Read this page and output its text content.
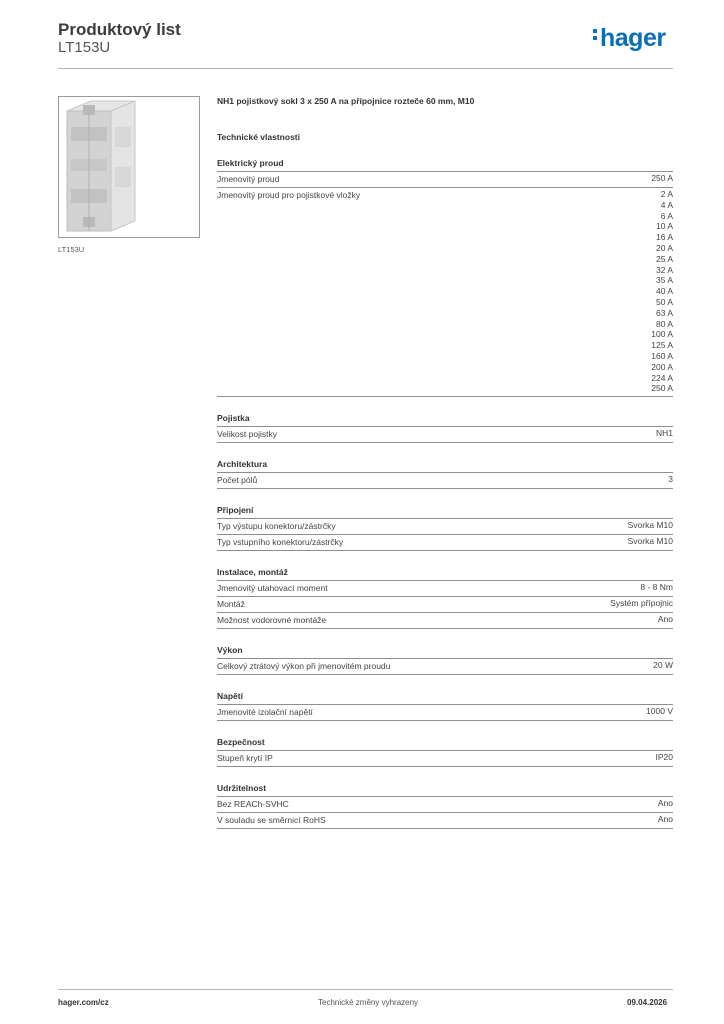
Produktový list
LT153U	hager
LT153U
NH1 pojistkový sokl 3 x 250 A na přípojnice rozteče 60 mm, M10
Technické vlastnosti
Elektrický proud
Jmenovitý proud	250 A
Jmenovitý proud pro pojistkové vložky	2 A
4 A
6 A
10 A
16 A
20 A
25 A
32 A
35 A
40 A
50 A
63 A
80 A
100 A
125 A
160 A
200 A
224 A
250 A
Pojistka
Velikost pojistky	NH1
Architektura
Počet pólů	3
Připojení
Typ výstupu konektoru/zástrčky	Svorka M10
Typ vstupního konektoru/zástrčky	Svorka M10
Instalace, montáž
Jmenovitý utahovací moment	8 - 8 Nm
Montáž	Systém přípojnic
Možnost vodorovné montáže	Ano
Výkon
Celkový ztrátový výkon při jmenovitém proudu	20 W
Napětí
Jmenovité izolační napětí	1000 V
Bezpečnost
Stupeň krytí IP	IP20
Udržitelnost
Bez REACh-SVHC	Ano
V souladu se směrnicí RoHS	Ano
hager.com/cz	Technické změny vyhrazeny	09.04.2026
